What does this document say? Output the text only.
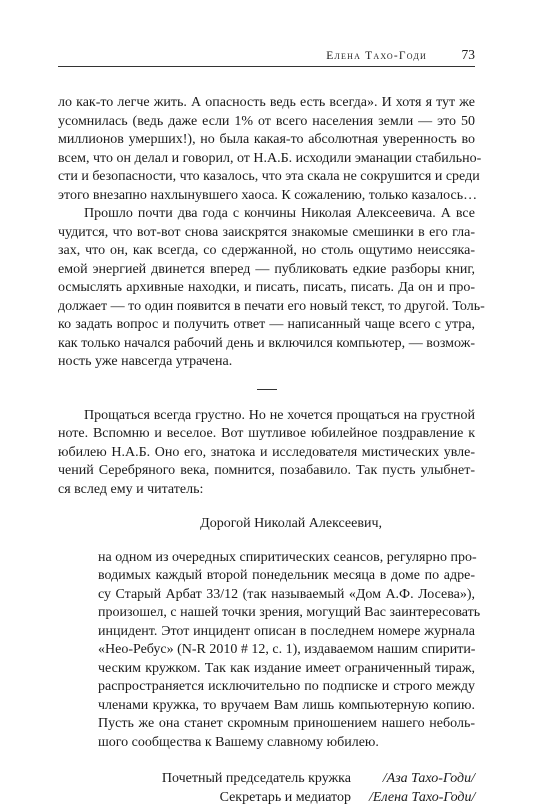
Елена Тахо-Годи	73
ло как-то легче жить. А опасность ведь есть всегда». И хотя я тут же
усомнилась (ведь даже если 1% от всего населения земли — это 50
миллионов умерших!), но была какая-то абсолютная уверенность во
всем, что он делал и говорил, от Н.А.Б. исходили эманации стабильно-
сти и безопасности, что казалось, что эта скала не сокрушится и среди
этого внезапно нахлынувшего хаоса. К сожалению, только казалось…
Прошло почти два года с кончины Николая Алексеевича. А все
чудится, что вот-вот снова заискрятся знакомые смешинки в его гла-
зах, что он, как всегда, со сдержанной, но столь ощутимо неиссяка-
емой энергией двинется вперед — публиковать едкие разборы книг,
осмыслять архивные находки, и писать, писать, писать. Да он и про-
должает — то один появится в печати его новый текст, то другой. Толь-
ко задать вопрос и получить ответ — написанный чаще всего с утра,
как только начался рабочий день и включился компьютер, — возмож-
ность уже навсегда утрачена.
Прощаться всегда грустно. Но не хочется прощаться на грустной
ноте. Вспомню и веселое. Вот шутливое юбилейное поздравление к
юбилею Н.А.Б. Оно его, знатока и исследователя мистических увле-
чений Серебряного века, помнится, позабавило. Так пусть улыбнет-
ся вслед ему и читатель:
Дорогой Николай Алексеевич,
на одном из очередных спиритических сеансов, регулярно про-
водимых каждый второй понедельник месяца в доме по адре-
су Старый Арбат 33/12 (так называемый «Дом А.Ф. Лосева»),
произошел, с нашей точки зрения, могущий Вас заинтересовать
инцидент. Этот инцидент описан в последнем номере журнала
«Нео-Ребус» (N-R 2010 # 12, с. 1), издаваемом нашим спирити-
ческим кружком. Так как издание имеет ограниченный тираж,
распространяется исключительно по подписке и строго между
членами кружка, то вручаем Вам лишь компьютерную копию.
Пусть же она станет скромным приношением нашего неболь-
шого сообщества к Вашему славному юбилею.
Почетный председатель кружка /Аза Тахо-Годи/
Секретарь и медиатор /Елена Тахо-Годи/
